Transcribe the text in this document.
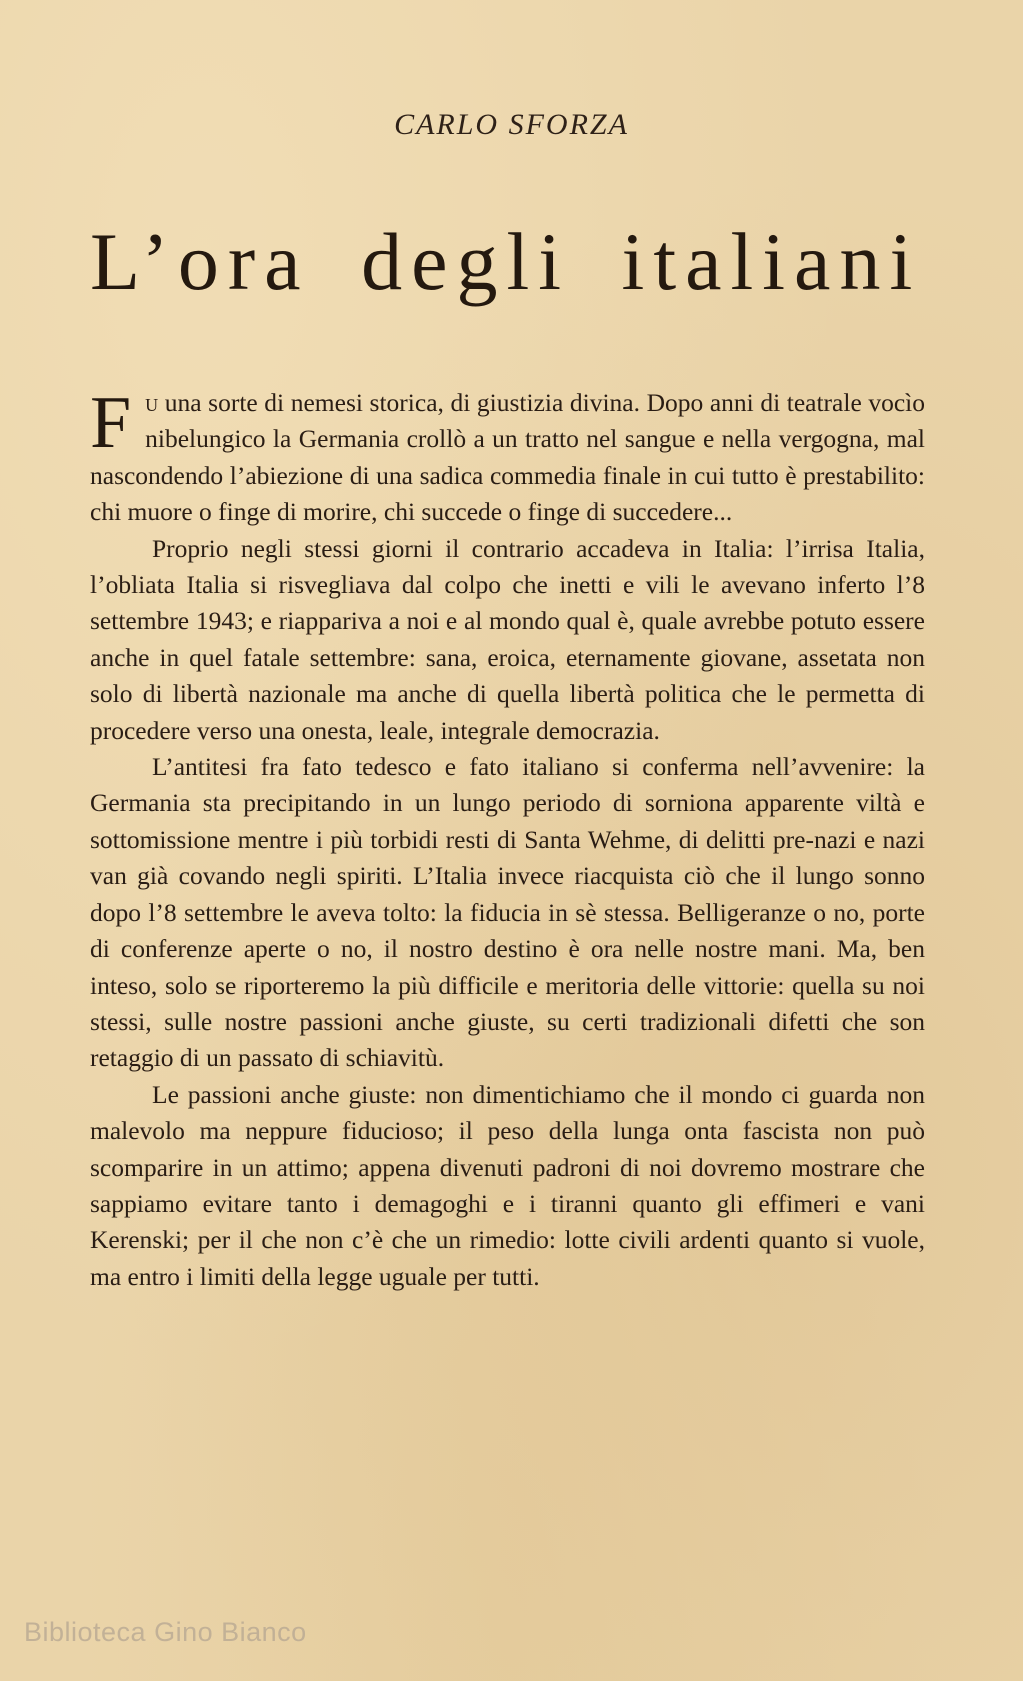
CARLO SFORZA
L’ora degli italiani

Fu una sorte di nemesi storica, di giustizia divina. Dopo anni di teatrale vocìo nibelungico la Germania crollò a un tratto nel sangue e nella vergogna, mal nascondendo l’abiezione di una sadica commedia finale in cui tutto è prestabilito: chi muore o finge di morire, chi succede o finge di succedere...

Proprio negli stessi giorni il contrario accadeva in Italia: l’irrisa Italia, l’obliata Italia si risvegliava dal colpo che inetti e vili le avevano inferto l’8 settembre 1943; e riappariva a noi e al mondo qual è, quale avrebbe potuto essere anche in quel fatale settembre: sana, eroica, eternamente giovane, assetata non solo di libertà nazionale ma anche di quella libertà politica che le permetta di procedere verso una onesta, leale, integrale democrazia.

L’antitesi fra fato tedesco e fato italiano si conferma nell’avvenire: la Germania sta precipitando in un lungo periodo di sorniona apparente viltà e sottomissione mentre i più torbidi resti di Santa Wehme, di delitti pre-nazi e nazi van già covando negli spiriti. L’Italia invece riacquista ciò che il lungo sonno dopo l’8 settembre le aveva tolto: la fiducia in sè stessa. Belligeranze o no, porte di conferenze aperte o no, il nostro destino è ora nelle nostre mani. Ma, ben inteso, solo se riporteremo la più difficile e meritoria delle vittorie: quella su noi stessi, sulle nostre passioni anche giuste, su certi tradizionali difetti che son retaggio di un passato di schiavitù.

Le passioni anche giuste: non dimentichiamo che il mondo ci guarda non malevolo ma neppure fiducioso; il peso della lunga onta fascista non può scomparire in un attimo; appena divenuti padroni di noi dovremo mostrare che sappiamo evitare tanto i demagoghi e i tiranni quanto gli effimeri e vani Kerenski; per il che non c’è che un rimedio: lotte civili ardenti quanto si vuole, ma entro i limiti della legge uguale per tutti.

Biblioteca Gino Bianco
